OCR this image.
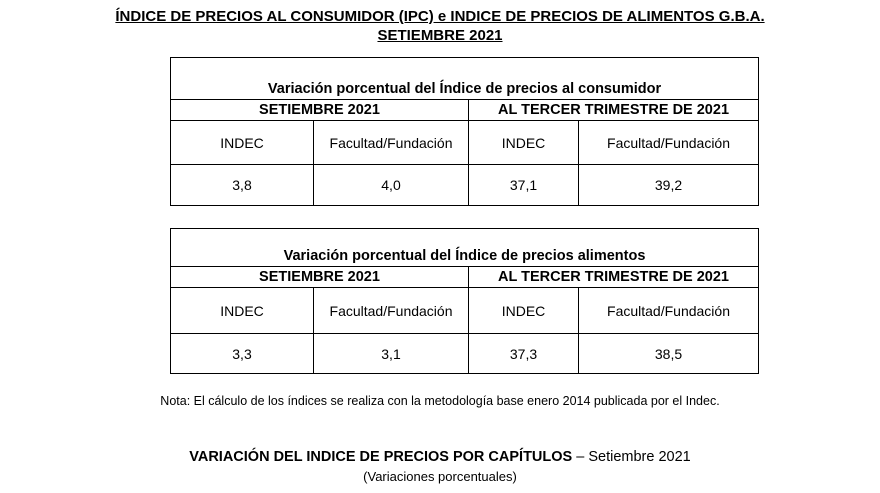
ÍNDICE DE PRECIOS AL CONSUMIDOR (IPC) e INDICE DE PRECIOS DE ALIMENTOS G.B.A.
SETIEMBRE 2021
Variación porcentual del Índice de precios al consumidor			
SETIEMBRE 2021		AL TERCER TRIMESTRE DE 2021	
INDEC	Facultad/Fundación	INDEC	Facultad/Fundación
3,8	4,0	37,1	39,2
Variación porcentual del Índice de precios alimentos			
SETIEMBRE 2021		AL TERCER TRIMESTRE DE 2021	
INDEC	Facultad/Fundación	INDEC	Facultad/Fundación
3,3	3,1	37,3	38,5
Nota: El cálculo de los índices se realiza con la metodología base enero 2014 publicada por el Indec.
VARIACIÓN DEL INDICE DE PRECIOS POR CAPÍTULOS – Setiembre 2021
(Variaciones porcentuales)
